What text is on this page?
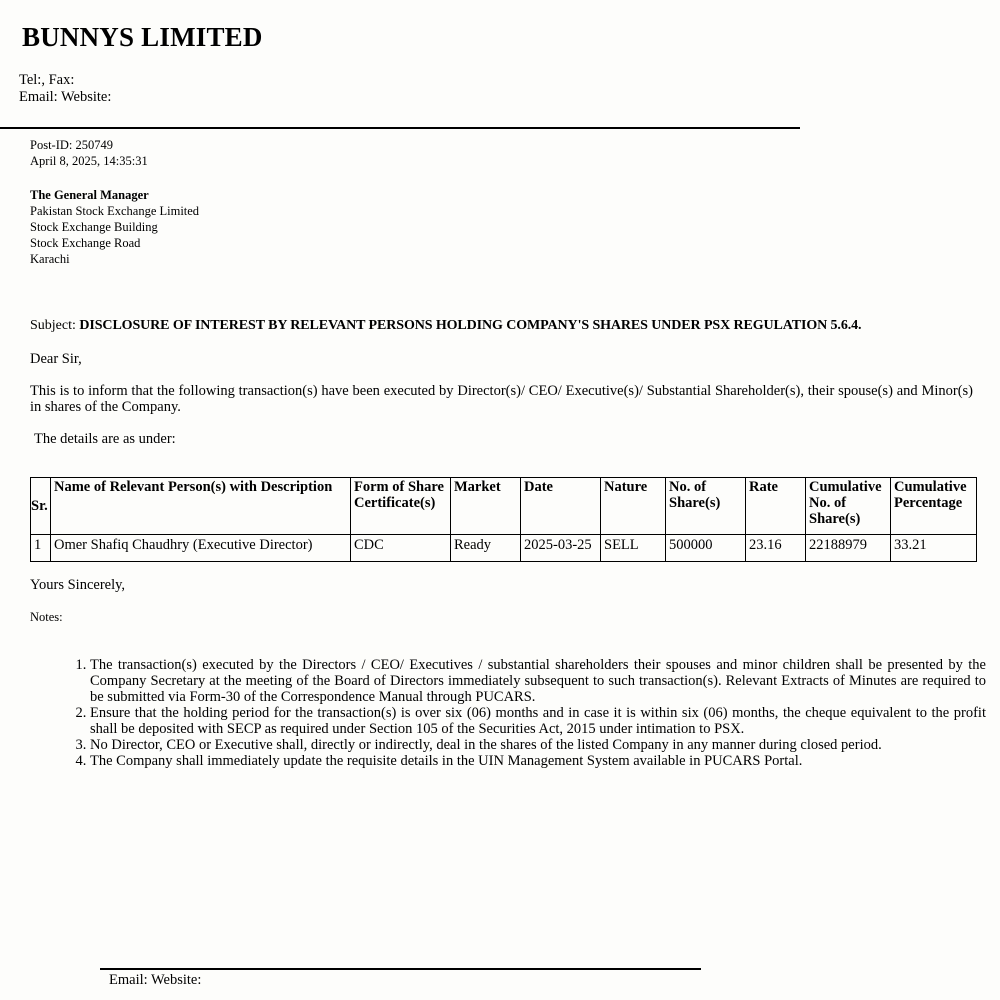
BUNNYS LIMITED
Tel:, Fax:
Email: Website:
Post-ID: 250749
April 8, 2025, 14:35:31
The General Manager
Pakistan Stock Exchange Limited
Stock Exchange Building
Stock Exchange Road
Karachi
Subject: DISCLOSURE OF INTEREST BY RELEVANT PERSONS HOLDING COMPANY'S SHARES UNDER PSX REGULATION 5.6.4.
Dear Sir,
This is to inform that the following transaction(s) have been executed by Director(s)/ CEO/ Executive(s)/ Substantial Shareholder(s), their spouse(s) and Minor(s) in shares of the Company.
The details are as under:
Sr.	Name of Relevant Person(s) with Description	Form of Share Certificate(s)	Market	Date	Nature	No. of Share(s)	Rate	Cumulative No. of Share(s)	Cumulative Percentage
1	Omer Shafiq Chaudhry (Executive Director)	CDC	Ready	2025-03-25	SELL	500000	23.16	22188979	33.21
Yours Sincerely,
Notes:
1. The transaction(s) executed by the Directors / CEO/ Executives / substantial shareholders their spouses and minor children shall be presented by the Company Secretary at the meeting of the Board of Directors immediately subsequent to such transaction(s). Relevant Extracts of Minutes are required to be submitted via Form-30 of the Correspondence Manual through PUCARS.
2. Ensure that the holding period for the transaction(s) is over six (06) months and in case it is within six (06) months, the cheque equivalent to the profit shall be deposited with SECP as required under Section 105 of the Securities Act, 2015 under intimation to PSX.
3. No Director, CEO or Executive shall, directly or indirectly, deal in the shares of the listed Company in any manner during closed period.
4. The Company shall immediately update the requisite details in the UIN Management System available in PUCARS Portal.
Email: Website:
